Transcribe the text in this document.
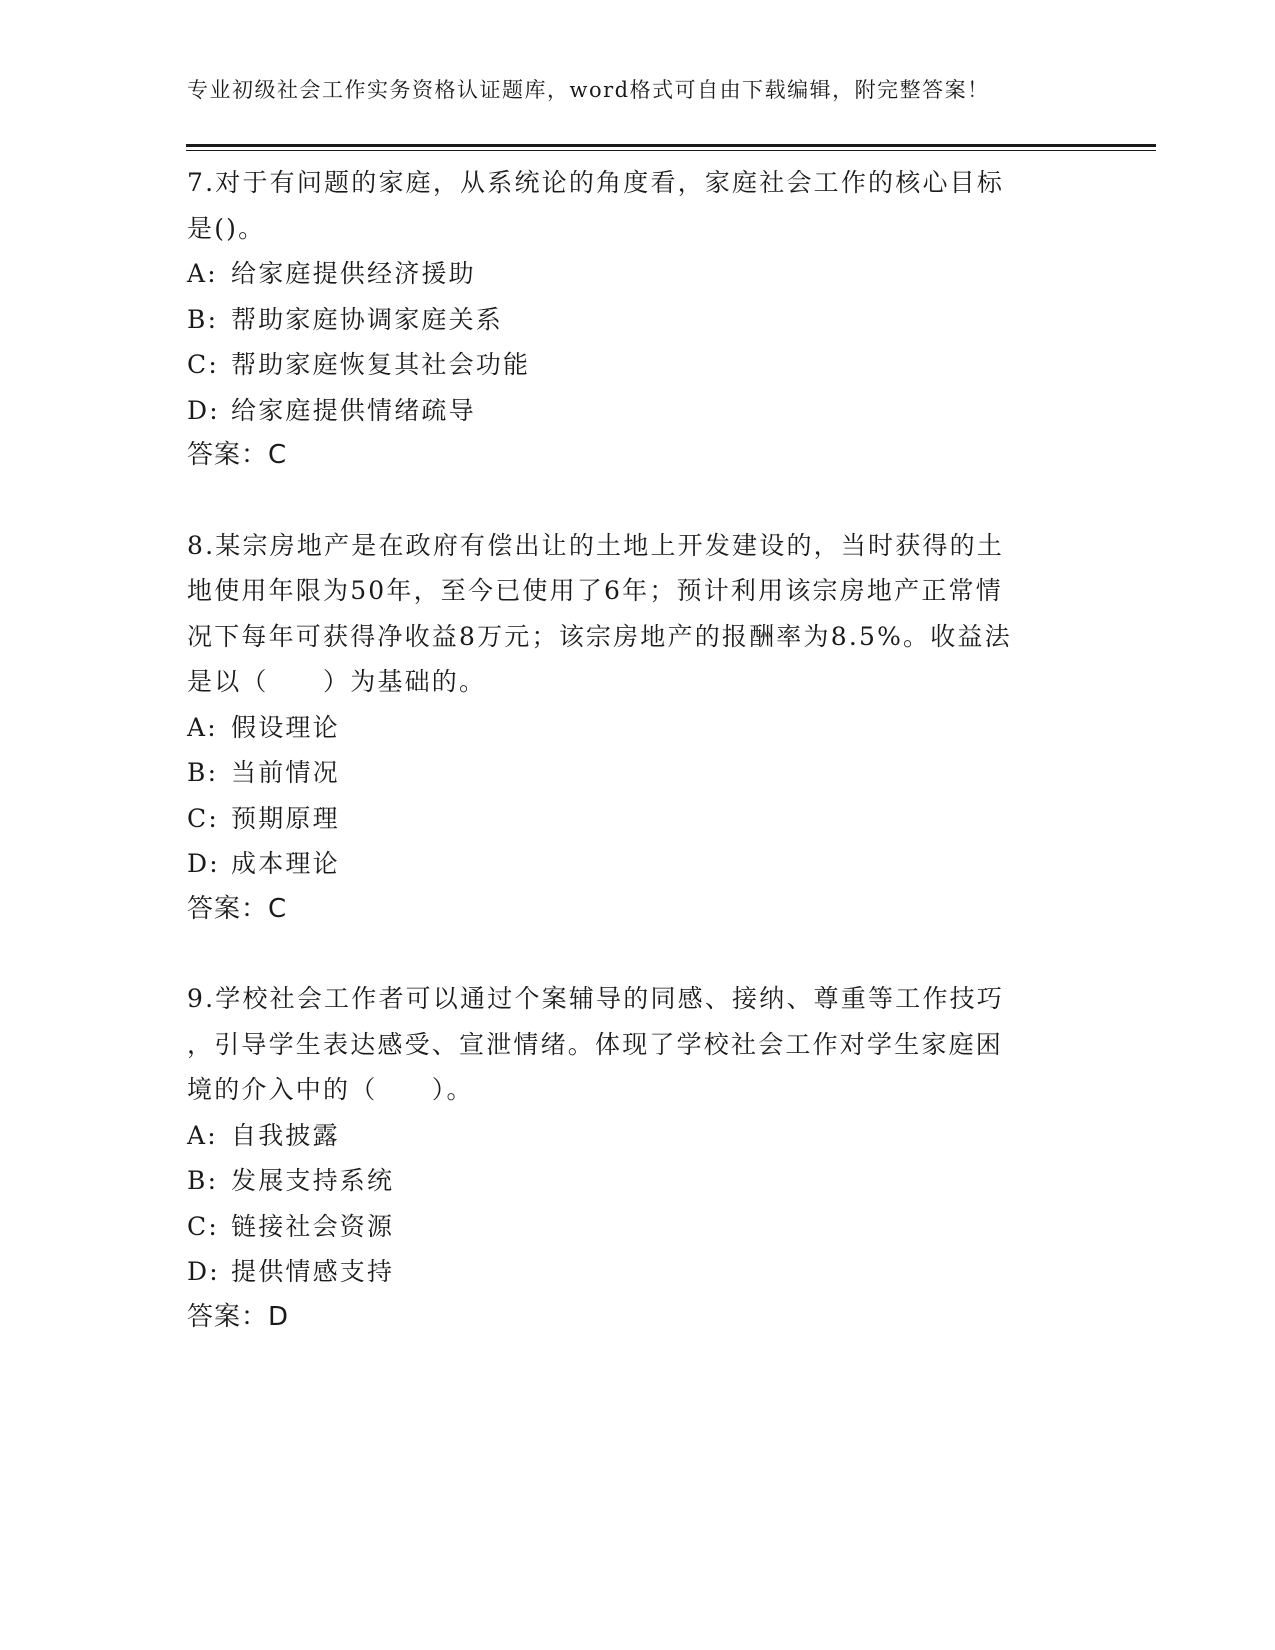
专业初级社会工作实务资格认证题库，word格式可自由下载编辑，附完整答案！

7.对于有问题的家庭，从系统论的角度看，家庭社会工作的核心目标

是()。

A: 给家庭提供经济援助

B: 帮助家庭协调家庭关系

C: 帮助家庭恢复其社会功能

D: 给家庭提供情绪疏导

答案：C

8.某宗房地产是在政府有偿出让的土地上开发建设的，当时获得的土

地使用年限为50年，至今已使用了6年；预计利用该宗房地产正常情

况下每年可获得净收益8万元；该宗房地产的报酬率为8.5%。收益法

是以（　　）为基础的。

A: 假设理论

B: 当前情况

C: 预期原理

D: 成本理论

答案：C

9.学校社会工作者可以通过个案辅导的同感、接纳、尊重等工作技巧

，引导学生表达感受、宣泄情绪。体现了学校社会工作对学生家庭困

境的介入中的（　　）。

A: 自我披露

B: 发展支持系统

C: 链接社会资源

D: 提供情感支持

答案：D
